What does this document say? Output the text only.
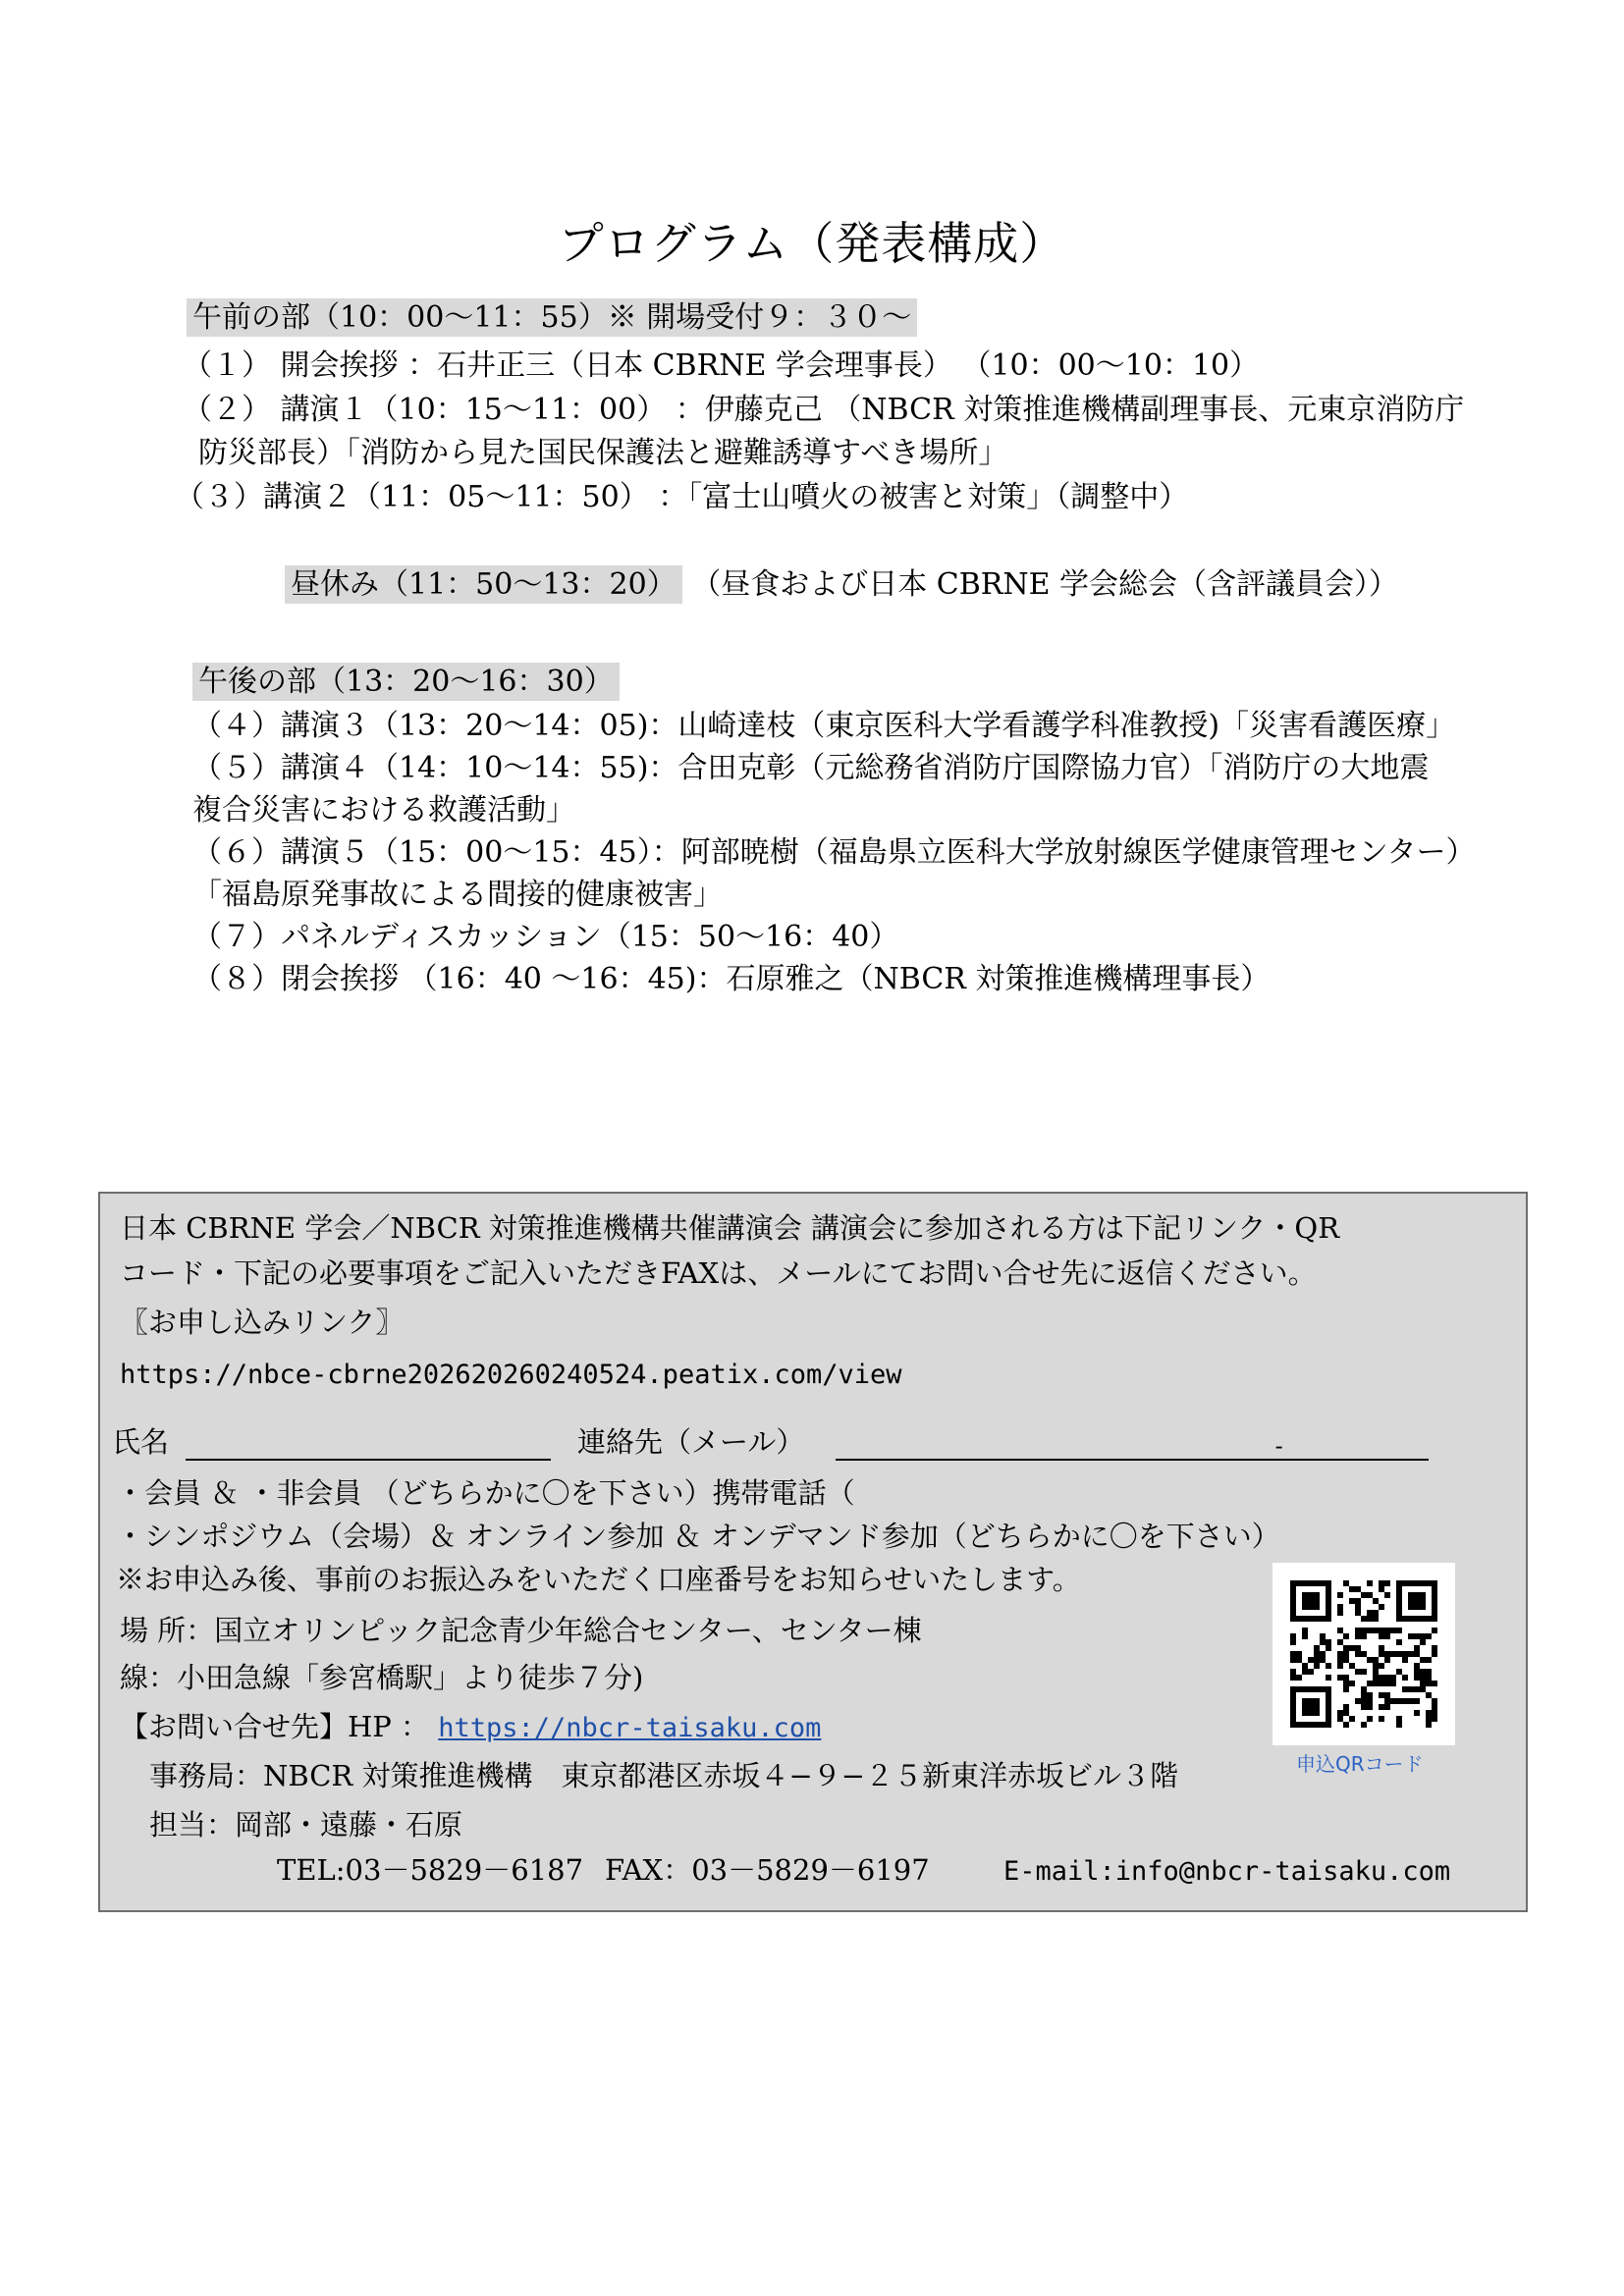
プログラム（発表構成）
午前の部（10：00～11：55）※ 開場受付９：３０～
（１） 開会挨拶 ：石井正三（日本 CBRNE 学会理事長） （10：00～10：10）
（２） 講演１（10：15～11：00） ：伊藤克己 （NBCR 対策推進機構副理事長、元東京消防庁
防災部長）「消防から見た国民保護法と避難誘導すべき場所」
（３）講演２（11：05～11：50） ：「富士山噴火の被害と対策」（調整中）
昼休み（11：50～13：20） （昼食および日本 CBRNE 学会総会（含評議員会））
午後の部（13：20～16：30）
（４）講演３（13：20～14：05)：山崎達枝（東京医科大学看護学科准教授)「災害看護医療」
（５）講演４（14：10～14：55)：合田克彰（元総務省消防庁国際協力官）「消防庁の大地震
複合災害における救護活動」
（６）講演５（15：00～15：45）：阿部暁樹（福島県立医科大学放射線医学健康管理センター）
「福島原発事故による間接的健康被害」
（７）パネルディスカッション（15：50～16：40）
（８）閉会挨拶 （16：40 ～16：45)：石原雅之（NBCR 対策推進機構理事長）
日本 CBRNE 学会／NBCR 対策推進機構共催講演会 講演会に参加される方は下記リンク・QR
コード・下記の必要事項をご記入いただきFAXは、メールにてお問い合せ先に返信ください。
〖お申し込みリンク〗
https://nbce-cbrne202620260240524.peatix.com/view
氏名	連絡先（メール）	-
・会員 ＆ ・非会員 （どちらかに〇を下さい）携帯電話（
・シンポジウム（会場）＆ オンライン参加 ＆ オンデマンド参加（どちらかに〇を下さい）
※お申込み後、事前のお振込みをいただく口座番号をお知らせいたします。
申込QRコード
場 所：国立オリンピック記念青少年総合センター、センター棟
線：小田急線「参宮橋駅」より徒歩７分)
【お問い合せ先】HP ： https://nbcr-taisaku.com
事務局：NBCR 対策推進機構　東京都港区赤坂４−９−２５新東洋赤坂ビル３階
担当：岡部・遠藤・石原
TEL:03－5829－6187 FAX：03－5829－6197	E-mail:info@nbcr-taisaku.com
